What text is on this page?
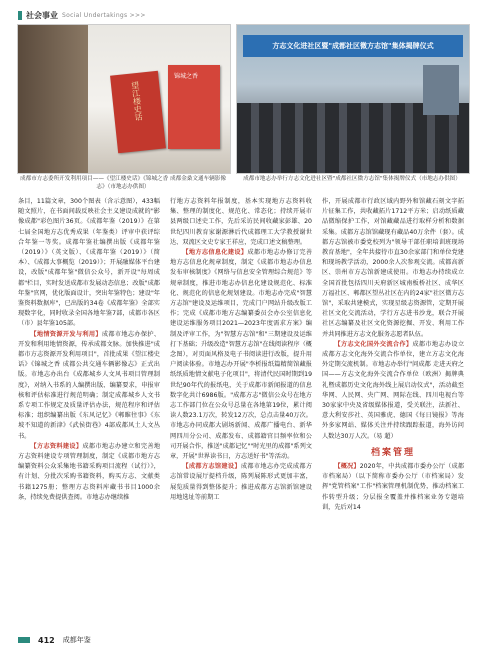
社会事业 Social Undertakings >>>
望江楼史话
锦城之香
方志文化进社区暨"成都社区微方志馆"集体揭牌仪式
成都市方志委所开发利用项目——《望江楼史话》《锦城之香 成都金桑文通车辆影像志》（市地志办供图）
成都市地志办举行方志文化进社区暨"成都社区微方志馆"集体揭牌仪式（市地志办供图）

条目，11篇文章，300个图表（含示意图），433幅随文照片，在书面间载反映社会主义建设成就的"影像成都"彩色图片36页。《成都年鉴（2019）》在第七届全国地方志优秀成果（年鉴类）评审中获评综合年鉴一等奖。成都年鉴社编撰出版《成都年鉴（2019）》（英文版）、《成都年鉴（2019）》（简本）、《成都大事概览（2019）》；开展融媒体平台建设，改版"成都年鉴"微信公众号，新开设"每周成都"栏目，实时发送成都市发展动态信息；改版"成都年鉴"官网，优化版面设计，突出年鉴特色；建设"年鉴资料数据库"，已出版的34卷《成都年鉴》全部实现数字化，同时收录全国各地年鉴7部，成都市各区（市）县年鉴105部。

【地情资源开发与利用】成都市地志办保护、开发和利用地情资源，传承成都文脉。加快推进"成都市方志资源开发利用项目"，首批成果《望江楼史话》《锦城之香 成都公共交通车辆影像志》正式出版。市地志办出台《成都城乡人文风书项目管理制度》，对纳入书系的人编撰出版、编纂要求，申报审核和评估标准进行规范明确；制定成都城乡人文书系专项工作规定及质量评估办法，规范程序和评估标准；组织编纂出版《东风记忆》《郫睢往事》《东坡不知道的新津》《武侯街巷》4部成都风土人文丛书。

【方志资料建设】成都市地志办建立和完善地方志资料建设专项管理制度，制定《成都市地方志编纂资料公众采集地书籍采购项目流程（试行）》，有计划、分批次采购书籍资料，购买方志、文献类书籍1275册；整理方志资料库藏书书目1000余条，持续免费提供查阅。市地志办继续推

行地方志资料年报制度，基本实现地方志资料收集、整理的制度化、规范化、常态化；持续开展市县两级口述史工作，先后采访民间收藏家彭雄、20世纪四川教育家谢源淋后代成都理工大学教授谢世达、双流区文史专家王祥应，完成口述文稿整理。

【地方志信息化建设】成都市地志办修订完善地方志信息化规章制度，制定《成都市地志办信息发布审核制度》《网络与信息安全管理综合规范》等规章制度，推进市地志办信息化建设规范化、标准化、规范化的信息化规划建设。市地志办完成"智慧方志馆"建设及运维项目，完成门户网站升级改版工作；完成《成都市地方志编纂委员会办公室信息化建设运维服务项目2021—2023年度需求方案》编制及评审工作，为"智慧方志馆"和"三期建设及运维打下基础；升级改造"智慧方志馆"在线阅读程序（概念图），对页面风格及电子书阅读进行改版，提升用户阅读体验。市地志办开展"李析报纸篇精简馆藏报纸纸质地情文献电子化项目"，将清代民国时期到19世纪90年代的报纸电，关于成都市新闻报道的信息数字化共计6986版。"成都方志"微信公众号在地方志工作部门位在公众号总量在各地第19位，累计阅读人数23.1万次，转发12万次，总点击量40万次。市地志办同成都大剧场新闻、成都广播电台、新华网四川分公司、成都发布、成都籍官目频率位和公司开展合作，推送"成都记忆""时光里的成都"系列文章，开展"世界读书日，方志送好书"等活动。

【成都方志馆建设】成都市地志办完成成都方志馆常设展厅提档升级，陈列展陈形式更加丰富，展览质量得到整体提升；推进成都方志馆新馆建设用地选址等前期工

作，开展成都市行政区域内野外和馆藏石刻文字拓片征集工作，共收藏拓片1712平方米；启动纸质藏品微缩保护工作，对馆藏藏品进行取样分析和数据采集。成都方志馆馆藏现有藏品40万余件（套）。成都方志馆被市委党校列为"领导干部任职培训班现场教育基地"，全年共接待市直30余家部门和单位党建和现场教学活动，2000余人次参观交流。成都高新区、崇州市方志馆新建成使用。市地志办持续成立全国首批包括四川天府新区城南板桥社区、成华区万福社区、郫都区望丛社区在内的24家"社区微方志馆"，采取共建模式，实现星级志资源管，定期开展社区文化交流活动，学行方志进书沙龙，联合开展社区志编纂及社区文化资源挖掘、开发、利用工作并共同推进方志文化服务志愿者队伍。

【方志文化国外交流合作】成都市地志办设立成都方志文化海外交流合作单位，建立方志文化海外定期交流机制。市地志办举行"问成都 走进天府之国——方志文化海外交流合作单位（欧洲）揭牌典礼暨成都历史文化海外线上展启动仪式"，活动截至华网、人民网、央广网、网际在线、四川电视台等30家家中央及省级媒体报道，受关联注，法新社、意大利安莎社、英国雅虎、德国《每日镜报》等海外多家网站、媒体关注并持续跟踪报道，海外访问人数达30万人次。（易 超）

档案管理

【概况】2020年，中共成都市委办公厅（成都市档案局）（以下简称市委办公厅（市档案局）发挥"党管档案"工作"档案管理机制优势，推动档案工作转型升级；分层报全覆盖并推档案业务专题培训，先后对14

412 成都年鉴
